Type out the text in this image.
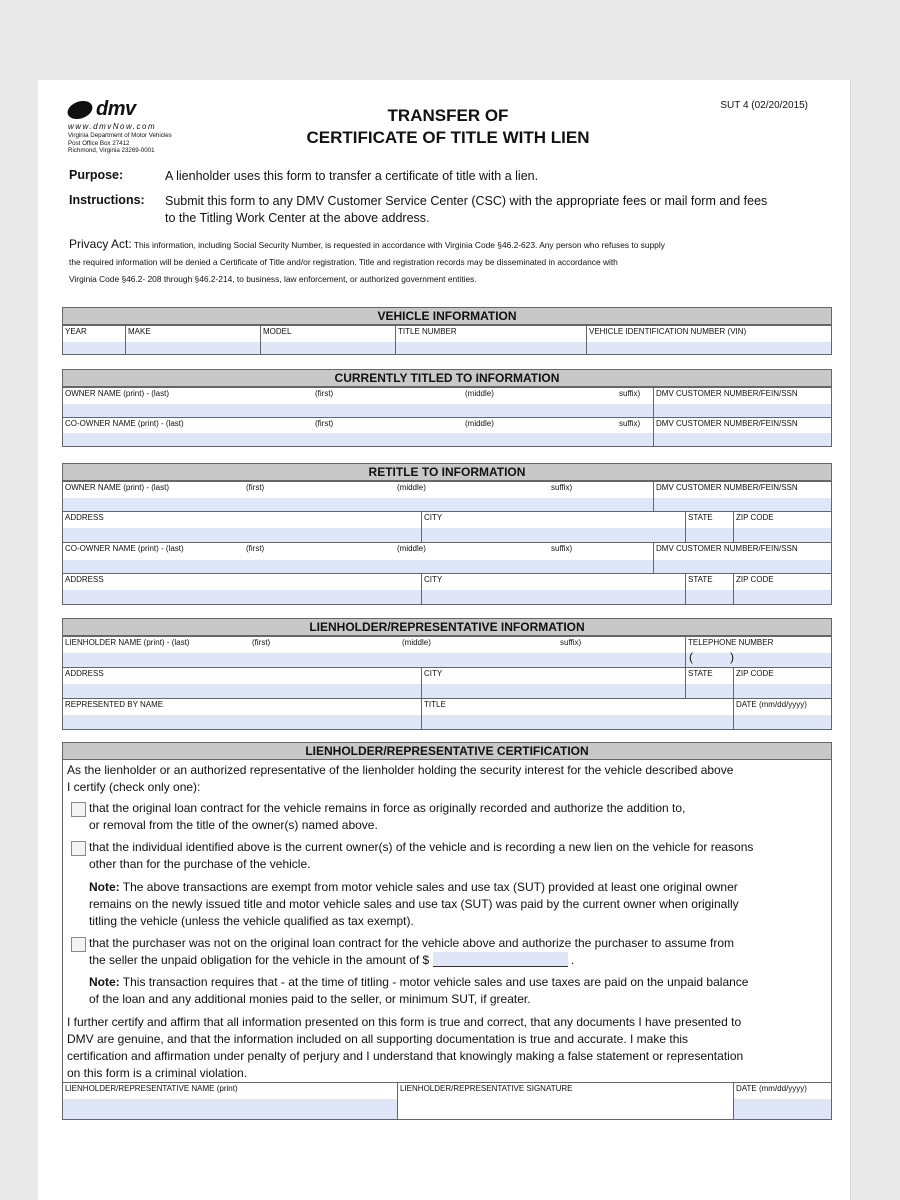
dmv
www.dmvNow.com
Virginia Department of Motor Vehicles
Post Office Box 27412
Richmond, Virginia 23269-0001
TRANSFER OF
CERTIFICATE OF TITLE WITH LIEN
SUT 4 (02/20/2015)
Purpose:	A lienholder uses this form to transfer a certificate of title with a lien.
Instructions: Submit this form to any DMV Customer Service Center (CSC) with the appropriate fees or mail form and fees
to the Titling Work Center at the above address.
Privacy Act: This information, including Social Security Number, is requested in accordance with Virginia Code §46.2-623. Any person who refuses to supply
the required information will be denied a Certificate of Title and/or registration. Title and registration records may be disseminated in accordance with
Virginia Code §46.2- 208 through §46.2-214, to business, law enforcement, or authorized government entities.
VEHICLE INFORMATION
YEAR	MAKE	MODEL	TITLE NUMBER	VEHICLE IDENTIFICATION NUMBER (VIN)
CURRENTLY TITLED TO INFORMATION
OWNER NAME (print) - (last)	(first)	(middle)	suffix) DMV CUSTOMER NUMBER/FEIN/SSN
CO-OWNER NAME (print) - (last)	(first)	(middle)	suffix) DMV CUSTOMER NUMBER/FEIN/SSN
RETITLE TO INFORMATION
OWNER NAME (print) - (last)	(first)	(middle)	suffix)	DMV CUSTOMER NUMBER/FEIN/SSN
ADDRESS	CITY	STATE	ZIP CODE
CO-OWNER NAME (print) - (last)	(first)	(middle)	suffix)	DMV CUSTOMER NUMBER/FEIN/SSN
ADDRESS	CITY	STATE	ZIP CODE
LIENHOLDER/REPRESENTATIVE INFORMATION
LIENHOLDER NAME (print) - (last)	(first)	(middle)	suffix)	TELEPHONE NUMBER
(	)
ADDRESS	CITY	STATE	ZIP CODE
REPRESENTED BY NAME	TITLE	DATE (mm/dd/yyyy)
LIENHOLDER/REPRESENTATIVE CERTIFICATION
As the lienholder or an authorized representative of the lienholder holding the security interest for the vehicle described above
I certify (check only one):
that the original loan contract for the vehicle remains in force as originally recorded and authorize the addition to,
or removal from the title of the owner(s) named above.
that the individual identified above is the current owner(s) of the vehicle and is recording a new lien on the vehicle for reasons
other than for the purchase of the vehicle.
Note: The above transactions are exempt from motor vehicle sales and use tax (SUT) provided at least one original owner
remains on the newly issued title and motor vehicle sales and use tax (SUT) was paid by the current owner when originally
titling the vehicle (unless the vehicle qualified as tax exempt).
that the purchaser was not on the original loan contract for the vehicle above and authorize the purchaser to assume from
the seller the unpaid obligation for the vehicle in the amount of $	.
Note: This transaction requires that - at the time of titling - motor vehicle sales and use taxes are paid on the unpaid balance
of the loan and any additional monies paid to the seller, or minimum SUT, if greater.
I further certify and affirm that all information presented on this form is true and correct, that any documents I have presented to
DMV are genuine, and that the information included on all supporting documentation is true and accurate. I make this
certification and affirmation under penalty of perjury and I understand that knowingly making a false statement or representation
on this form is a criminal violation.
LIENHOLDER/REPRESENTATIVE NAME (print)	LIENHOLDER/REPRESENTATIVE SIGNATURE	DATE (mm/dd/yyyy)
